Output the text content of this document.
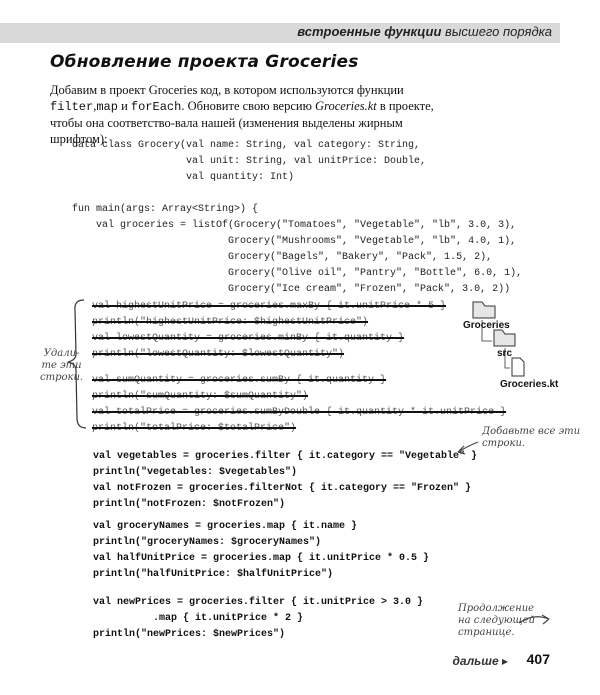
встроенные функции высшего порядка
Обновление проекта Groceries
Добавим в проект Groceries код, в котором используются функции filter,map и forEach. Обновите свою версию Groceries.kt в проекте, чтобы она соответство-вала нашей (изменения выделены жирным шрифтом):
data class Grocery(val name: String, val category: String,
val unit: String, val unitPrice: Double,
val quantity: Int)
fun main(args: Array<String>) {
val groceries = listOf(Grocery("Tomatoes", "Vegetable", "lb", 3.0, 3),
Grocery("Mushrooms", "Vegetable", "lb", 4.0, 1),
Grocery("Bagels", "Bakery", "Pack", 1.5, 2),
Grocery("Olive oil", "Pantry", "Bottle", 6.0, 1),
Grocery("Ice cream", "Frozen", "Pack", 3.0, 2))
val highestUnitPrice = groceries.maxBy { it.unitPrice * 5 }
println("highestUnitPrice: $highestUnitPrice")
val lowestQuantity = groceries.minBy { it.quantity }
println("lowestQuantity: $lowestQuantity")
val sumQuantity = groceries.sumBy { it.quantity }
println("sumQuantity: $sumQuantity")
val totalPrice = groceries.sumByDouble { it.quantity * it.unitPrice }
println("totalPrice: $totalPrice")
Удали-
те эти
строки.
val vegetables = groceries.filter { it.category == "Vegetable" }
println("vegetables: $vegetables")
val notFrozen = groceries.filterNot { it.category == "Frozen" }
println("notFrozen: $notFrozen")
val groceryNames = groceries.map { it.name }
println("groceryNames: $groceryNames")
val halfUnitPrice = groceries.map { it.unitPrice * 0.5 }
println("halfUnitPrice: $halfUnitPrice")
val newPrices = groceries.filter { it.unitPrice > 3.0 }
.map { it.unitPrice * 2 }
println("newPrices: $newPrices")
Добавьте все эти
строки.
Продолжение
на следующей
странице.
Groceries
src
Groceries.kt
дальше ▸ 407
